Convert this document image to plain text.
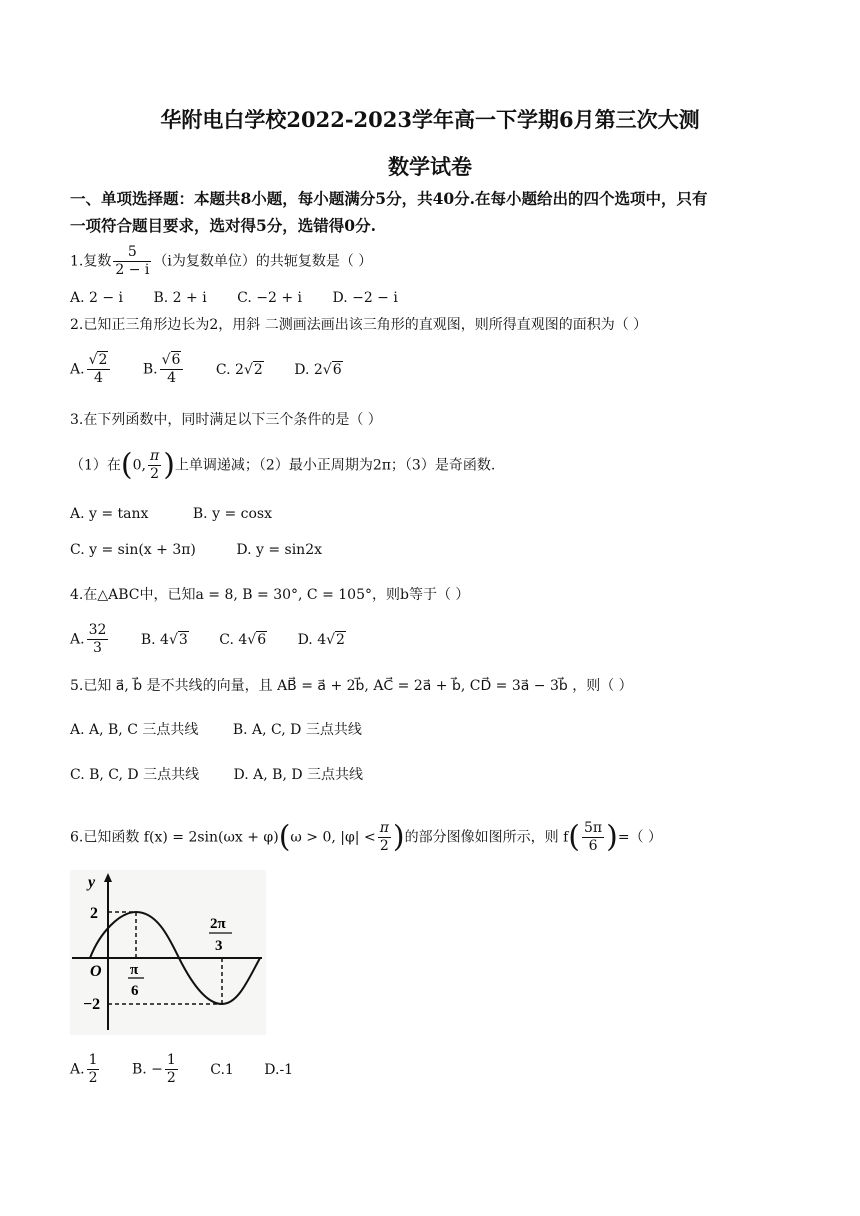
华附电白学校2022-2023学年高一下学期6月第三次大测
数学试卷
一、单项选择题：本题共8小题，每小题满分5分，共40分.在每小题给出的四个选项中，只有
一项符合题目要求，选对得5分，选错得0分.
1.复数 $\frac{5}{2 - i} (i$为复数单位）的共轭复数是（ ）
A. 2 − i B. 2 + i C. −2 + i D. −2 − i
2.已知正三角形边长为2，用斜 二测画法画出该三角形的直观图，则所得直观图的面积为（ ）
A. $\frac{√2}{4} B$. $\frac{√6}{4} C$. 2√2 D. 2√6
3.在下列函数中，同时满足以下三个条件的是（ ）
（1）在(0, $\frac{\pi}{2}$ )上单调递减；（2）最小正周期为2π；（3）是奇函数.
A. y = tanx	B. y = cosx
C. y = sin(x + 3π)	D. y = sin2x
4.在△ABC中，已知a = 8, B = 30°, C = 105°，则b等于（ ）
A. $\frac{32}{3} B$. 4√3 C. 4√6 D. 4√2
5.已知 a⃗, b⃗ 是不共线的向量，且 AB⃗ = a⃗ + 2b⃗, AC⃗ = 2a⃗ + b⃗, CD⃗ = 3a⃗ − 3b⃗ ，则（ ）
A. A, B, C 三点共线 B. A, C, D 三点共线
C. B, C, D 三点共线 D. A, B, D 三点共线
6.已知函数 f(x) = 2sin(ωx + φ)(ω > 0, $|\varphi| < \frac{\pi}{2}$ )的部分图像如图所示，则 $f( \frac{5\pi}{6}$ )=（ ）
y
2
O
−2
π
6
2π
3
A. $\frac{1}{2} B$. − $\frac{1}{2} C.1$ D.-1
